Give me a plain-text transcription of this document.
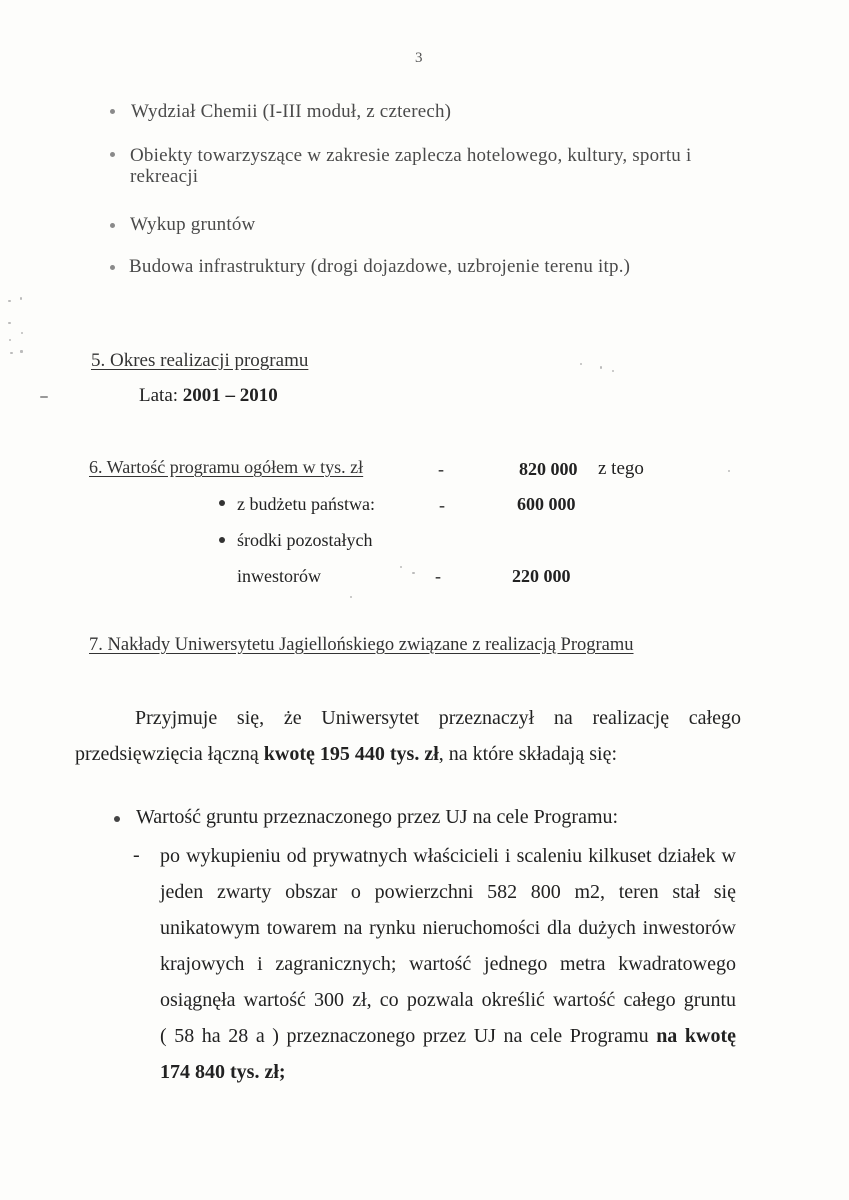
3
Wydział Chemii (I-III moduł, z czterech)
Obiekty towarzyszące w zakresie zaplecza hotelowego, kultury, sportu i
rekreacji
Wykup gruntów
Budowa infrastruktury (drogi dojazdowe, uzbrojenie terenu itp.)
5. Okres realizacji programu
Lata: 2001 – 2010
6. Wartość programu ogółem w tys. zł	-	820 000 z tego
z budżetu państwa:	-	600 000
środki pozostałych
inwestorów	-	220 000
7. Nakłady Uniwersytetu Jagiellońskiego związane z realizacją Programu
Przyjmuje się, że Uniwersytet przeznaczył na realizację całego
przedsięwzięcia łączną kwotę 195 440 tys. zł, na które składają się:
Wartość gruntu przeznaczonego przez UJ na cele Programu:
- po wykupieniu od prywatnych właścicieli i scaleniu kilkuset działek w
jeden zwarty obszar o powierzchni 582 800 m2, teren stał się
unikatowym towarem na rynku nieruchomości dla dużych inwestorów
krajowych i zagranicznych; wartość jednego metra kwadratowego
osiągnęła wartość 300 zł, co pozwala określić wartość całego gruntu
( 58 ha 28 a ) przeznaczonego przez UJ na cele Programu na kwotę
174 840 tys. zł;
